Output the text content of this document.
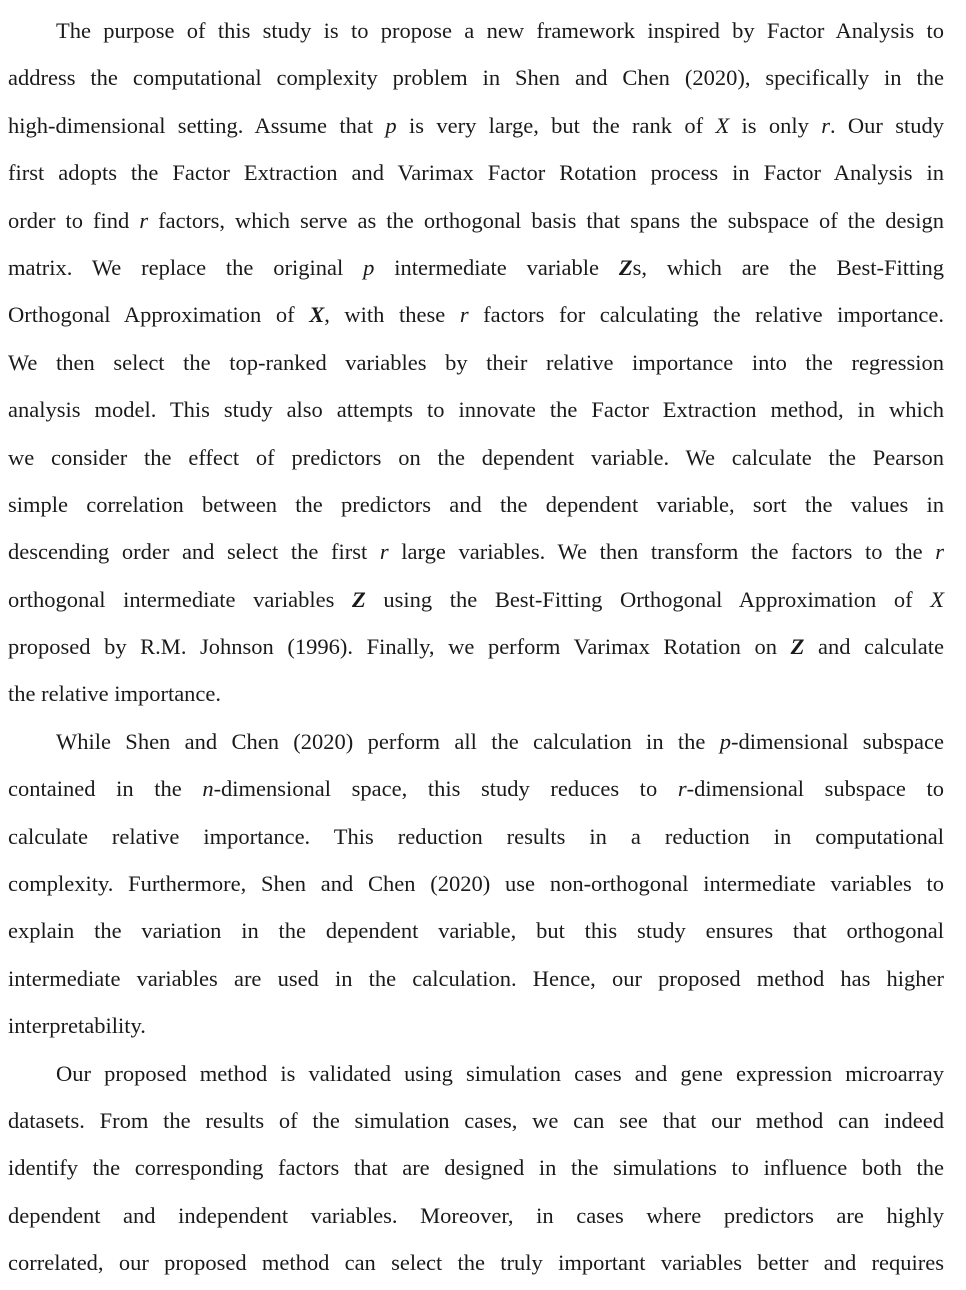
The purpose of this study is to propose a new framework inspired by Factor Analysis to
address the computational complexity problem in Shen and Chen (2020), specifically in the
high-dimensional setting. Assume that p is very large, but the rank of X is only r. Our study
first adopts the Factor Extraction and Varimax Factor Rotation process in Factor Analysis in
order to find r factors, which serve as the orthogonal basis that spans the subspace of the design
matrix. We replace the original p intermediate variable Zs, which are the Best-Fitting
Orthogonal Approximation of X, with these r factors for calculating the relative importance.
We then select the top-ranked variables by their relative importance into the regression
analysis model. This study also attempts to innovate the Factor Extraction method, in which
we consider the effect of predictors on the dependent variable. We calculate the Pearson
simple correlation between the predictors and the dependent variable, sort the values in
descending order and select the first r large variables. We then transform the factors to the r
orthogonal intermediate variables Z using the Best-Fitting Orthogonal Approximation of X
proposed by R.M. Johnson (1996). Finally, we perform Varimax Rotation on Z and calculate
the relative importance.
While Shen and Chen (2020) perform all the calculation in the p-dimensional subspace
contained in the n-dimensional space, this study reduces to r-dimensional subspace to
calculate relative importance. This reduction results in a reduction in computational
complexity. Furthermore, Shen and Chen (2020) use non-orthogonal intermediate variables to
explain the variation in the dependent variable, but this study ensures that orthogonal
intermediate variables are used in the calculation. Hence, our proposed method has higher
interpretability.
Our proposed method is validated using simulation cases and gene expression microarray
datasets. From the results of the simulation cases, we can see that our method can indeed
identify the corresponding factors that are designed in the simulations to influence both the
dependent and independent variables. Moreover, in cases where predictors are highly
correlated, our proposed method can select the truly important variables better and requires
